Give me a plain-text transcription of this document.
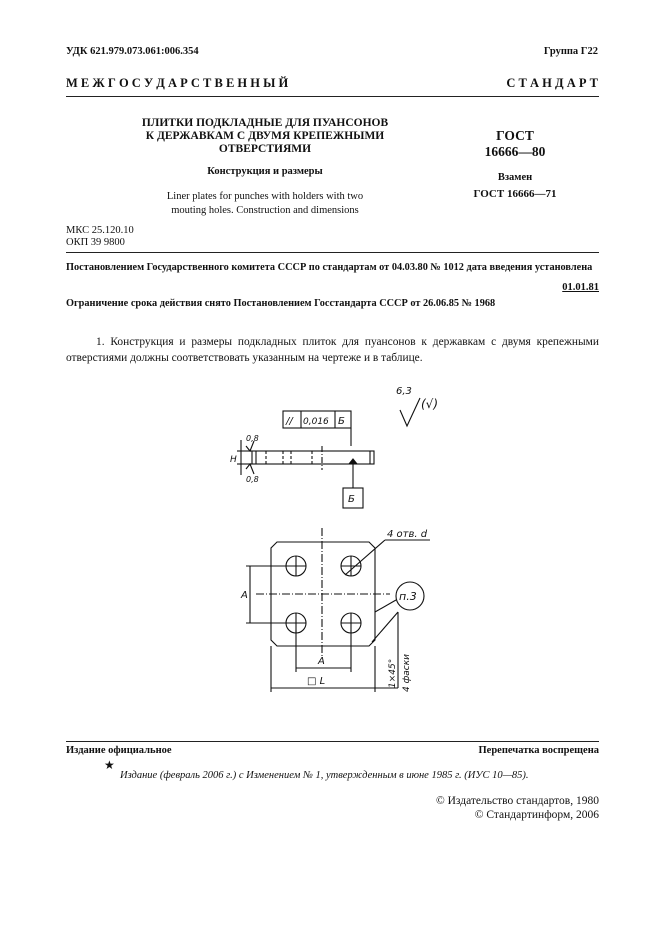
УДК 621.979.073.061:006.354	Группа Г22
М Е Ж Г О С У Д А Р С Т В Е Н Н Ы Й	С Т А Н Д А Р Т
ПЛИТКИ ПОДКЛАДНЫЕ ДЛЯ ПУАНСОНОВ
К ДЕРЖАВКАМ С ДВУМЯ КРЕПЕЖНЫМИ
ОТВЕРСТИЯМИ
Конструкция и размеры
Liner plates for punches with holders with two
mouting holes. Construction and dimensions
ГОСТ
16666—80
Взамен
ГОСТ 16666—71
МКС 25.120.10
ОКП 39 9800
Постановлением Государственного комитета СССР по стандартам от 04.03.80 № 1012 дата введения установлена
01.01.81
Ограничение срока действия снято Постановлением Госстандарта СССР от 26.06.85 № 1968
1. Конструкция и размеры подкладных плиток для пуансонов к державкам с двумя крепежными отверстиями должны соответствовать указанным на чертеже и в таблице.
6,3
(√)
// 0,016 Б
Б
0,8
0,8
H
4 отв. d
п.3
A
A
□ L	1×45° 4 фаски
Издание официальное	Перепечатка воспрещена
★
Издание (февраль 2006 г.) с Изменением № 1, утвержденным в июне 1985 г. (ИУС 10—85).
© Издательство стандартов, 1980
© Стандартинформ, 2006
